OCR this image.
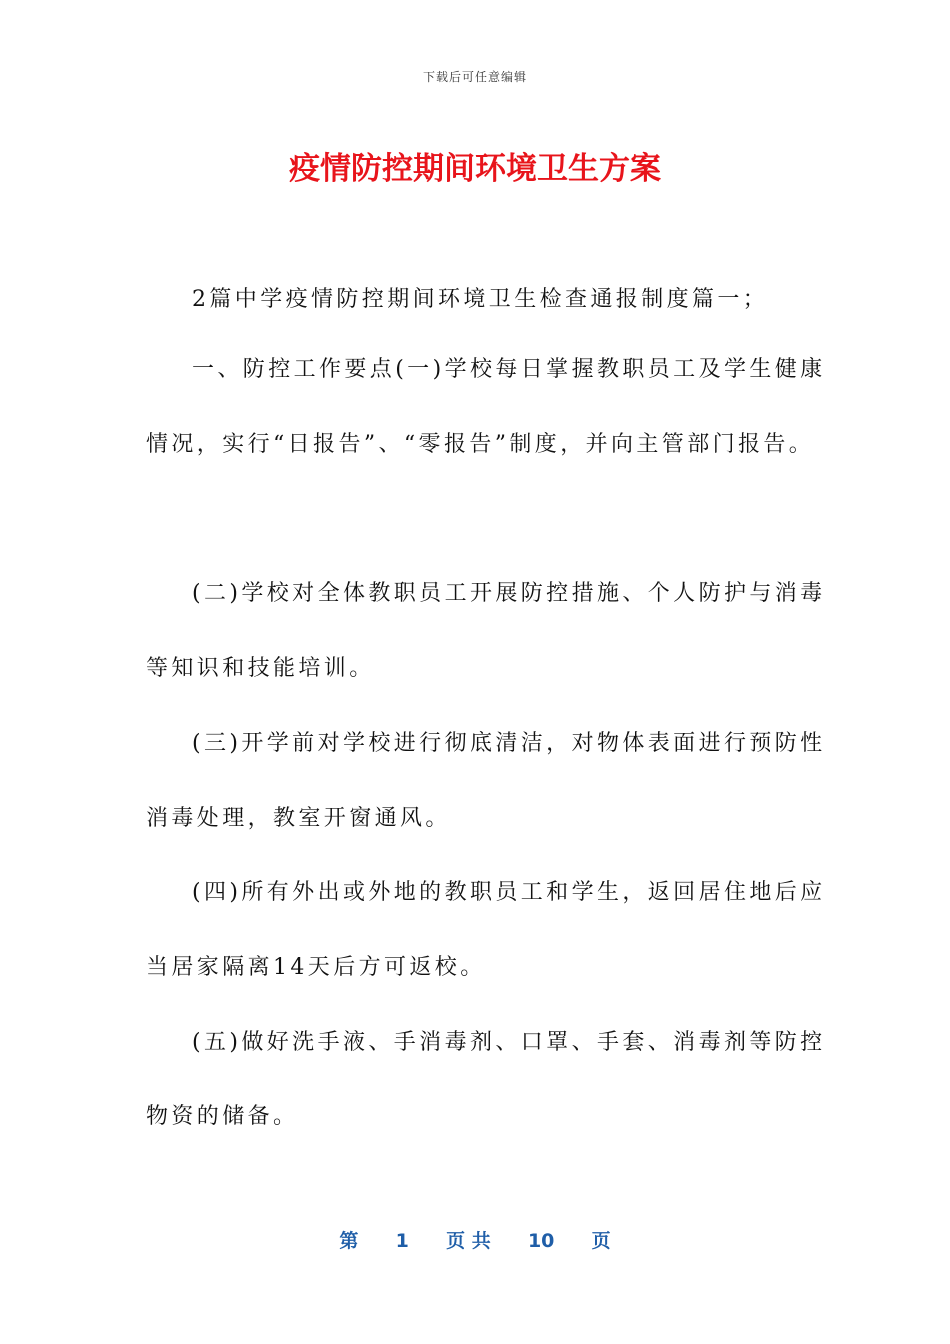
下载后可任意编辑
疫情防控期间环境卫生方案
2篇中学疫情防控期间环境卫生检查通报制度篇一；
一、防控工作要点(一)学校每日掌握教职员工及学生健康
情况，实行“日报告”、“零报告”制度，并向主管部门报告。
(二)学校对全体教职员工开展防控措施、个人防护与消毒
等知识和技能培训。
(三)开学前对学校进行彻底清洁，对物体表面进行预防性
消毒处理，教室开窗通风。
(四)所有外出或外地的教职员工和学生，返回居住地后应
当居家隔离14天后方可返校。
(五)做好洗手液、手消毒剂、口罩、手套、消毒剂等防控
物资的储备。
第 1 页 共 10 页
